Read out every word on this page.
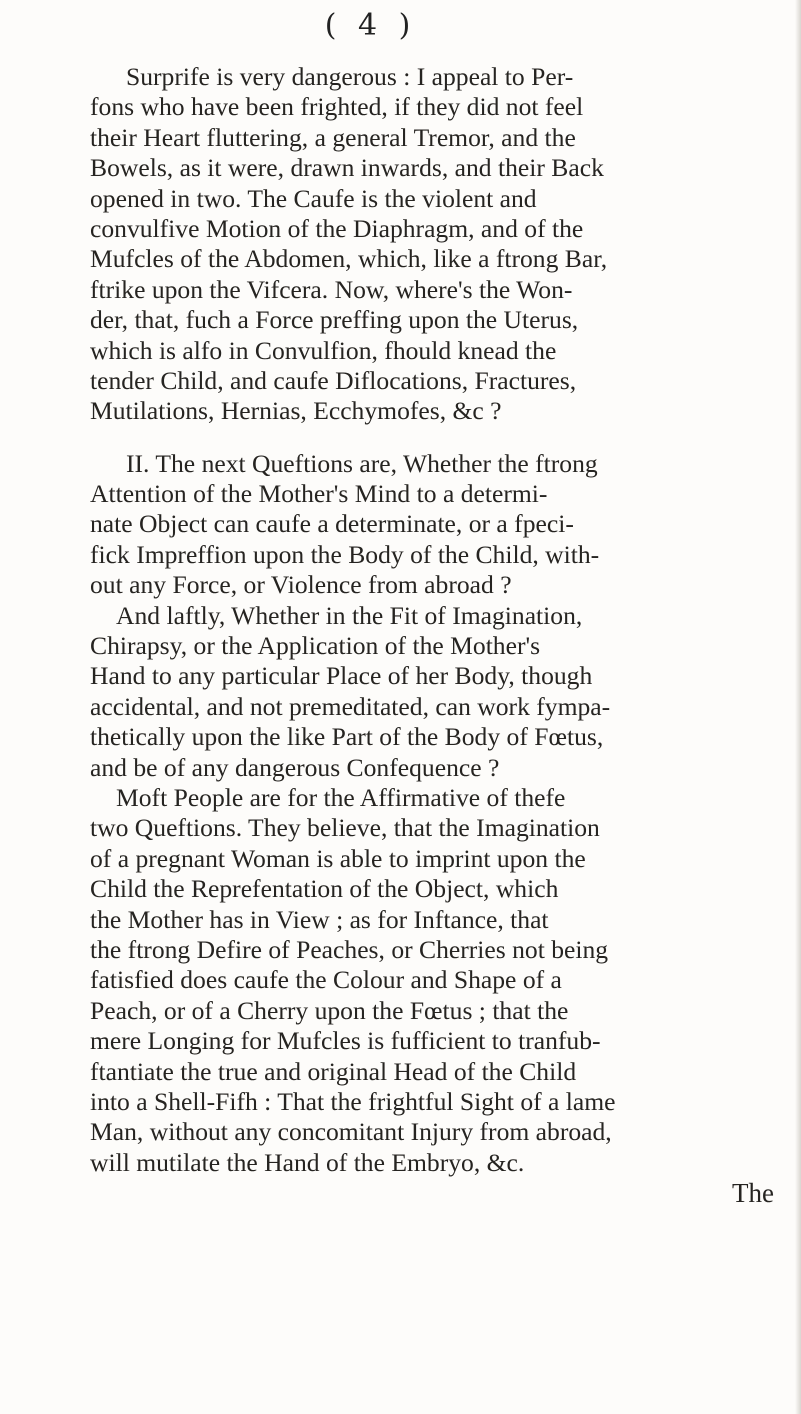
( 4 )
Surprife is very dangerous : I appeal to Per-
fons who have been frighted, if they did not feel
their Heart fluttering, a general Tremor, and the
Bowels, as it were, drawn inwards, and their Back
opened in two. The Caufe is the violent and
convulfive Motion of the Diaphragm, and of the
Mufcles of the Abdomen, which, like a ftrong Bar,
ftrike upon the Vifcera. Now, where's the Won-
der, that, fuch a Force preffing upon the Uterus,
which is alfo in Convulfion, fhould knead the
tender Child, and caufe Diflocations, Fractures,
Mutilations, Hernias, Ecchymofes, &c ?
II. The next Queftions are, Whether the ftrong
Attention of the Mother's Mind to a determi-
nate Object can caufe a determinate, or a fpeci-
fick Impreffion upon the Body of the Child, with-
out any Force, or Violence from abroad ?
And laftly, Whether in the Fit of Imagination,
Chirapsy, or the Application of the Mother's
Hand to any particular Place of her Body, though
accidental, and not premeditated, can work fympa-
thetically upon the like Part of the Body of Fœtus,
and be of any dangerous Confequence ?
Moft People are for the Affirmative of thefe
two Queftions. They believe, that the Imagination
of a pregnant Woman is able to imprint upon the
Child the Reprefentation of the Object, which
the Mother has in View ; as for Inftance, that
the ftrong Defire of Peaches, or Cherries not being
fatisfied does caufe the Colour and Shape of a
Peach, or of a Cherry upon the Fœtus ; that the
mere Longing for Mufcles is fufficient to tranfub-
ftantiate the true and original Head of the Child
into a Shell-Fifh : That the frightful Sight of a lame
Man, without any concomitant Injury from abroad,
will mutilate the Hand of the Embryo, &c.
The
